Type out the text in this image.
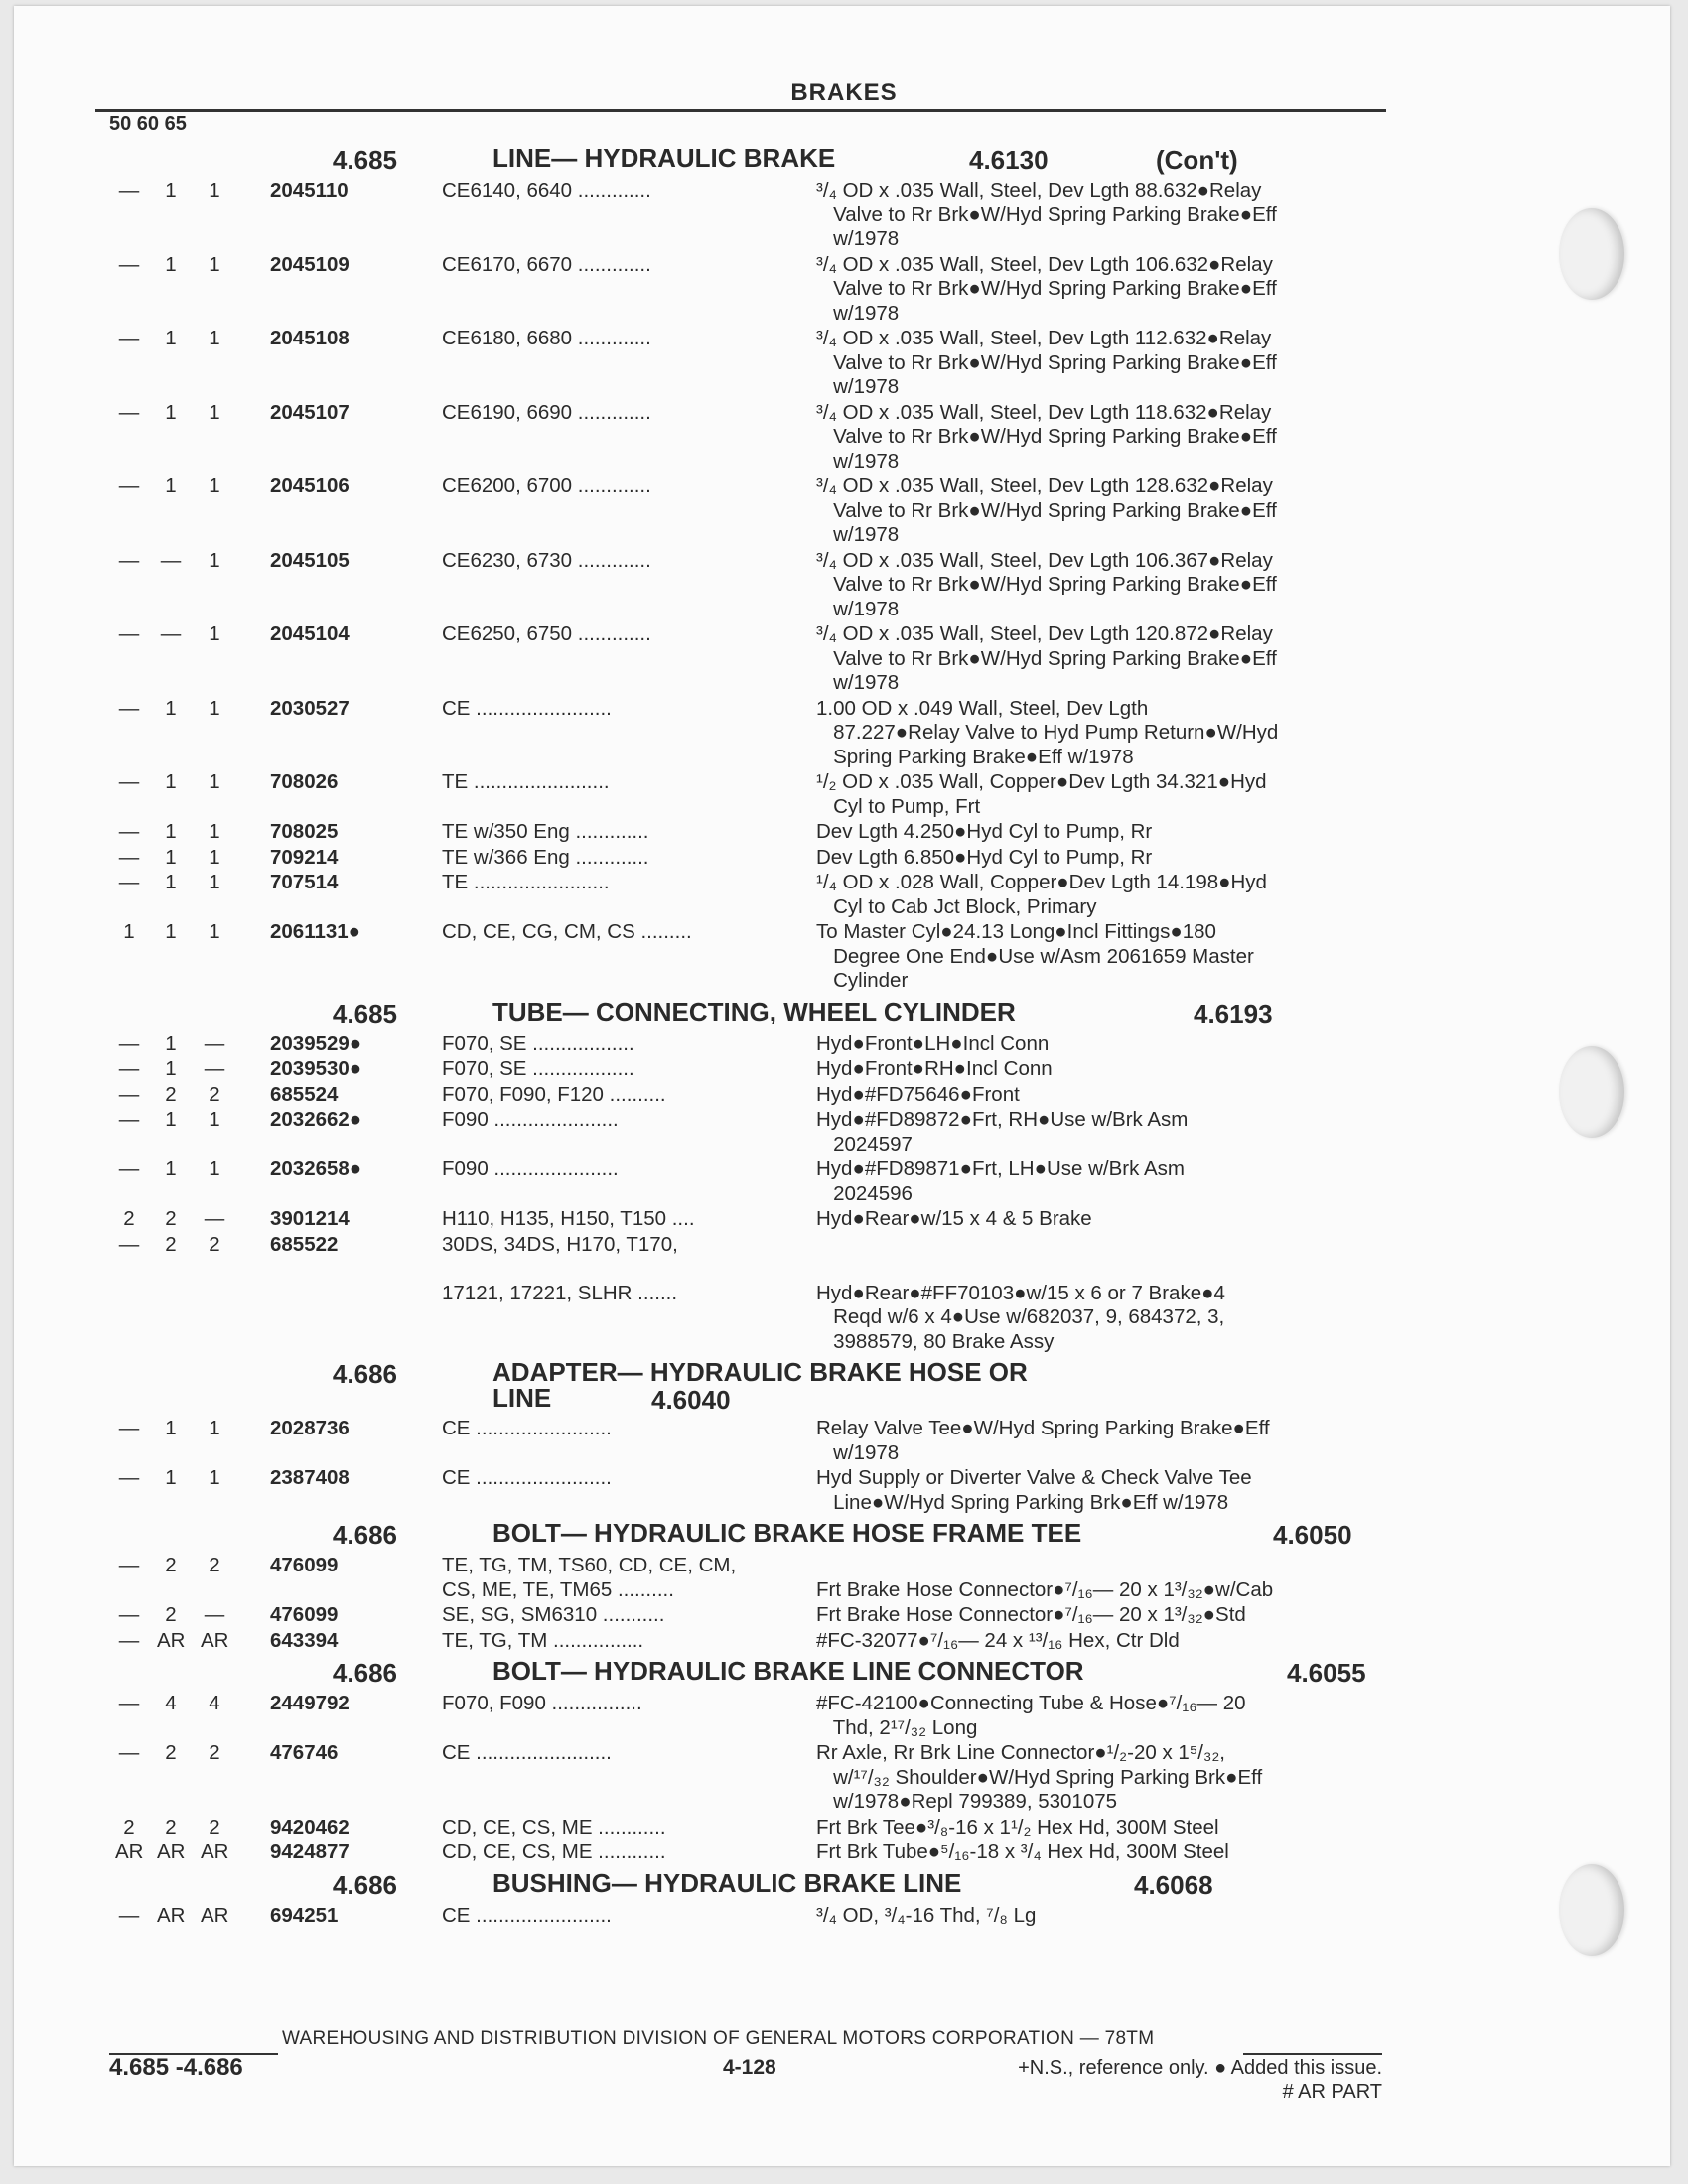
BRAKES
50 60 65
4.685	LINE— HYDRAULIC BRAKE	4.6130	(Con't)
—	1	1	2045110	CE6140, 6640 .............	³/₄ OD x .035 Wall, Steel, Dev Lgth 88.632●Relay
Valve to Rr Brk●W/Hyd Spring Parking Brake●Eff
w/1978
—	1	1	2045109	CE6170, 6670 .............	³/₄ OD x .035 Wall, Steel, Dev Lgth 106.632●Relay
Valve to Rr Brk●W/Hyd Spring Parking Brake●Eff
w/1978
—	1	1	2045108	CE6180, 6680 .............	³/₄ OD x .035 Wall, Steel, Dev Lgth 112.632●Relay
Valve to Rr Brk●W/Hyd Spring Parking Brake●Eff
w/1978
—	1	1	2045107	CE6190, 6690 .............	³/₄ OD x .035 Wall, Steel, Dev Lgth 118.632●Relay
Valve to Rr Brk●W/Hyd Spring Parking Brake●Eff
w/1978
—	1	1	2045106	CE6200, 6700 .............	³/₄ OD x .035 Wall, Steel, Dev Lgth 128.632●Relay
Valve to Rr Brk●W/Hyd Spring Parking Brake●Eff
w/1978
— —	1	2045105	CE6230, 6730 .............	³/₄ OD x .035 Wall, Steel, Dev Lgth 106.367●Relay
Valve to Rr Brk●W/Hyd Spring Parking Brake●Eff
w/1978
— —	1	2045104	CE6250, 6750 .............	³/₄ OD x .035 Wall, Steel, Dev Lgth 120.872●Relay
Valve to Rr Brk●W/Hyd Spring Parking Brake●Eff
w/1978
—	1	1	2030527	CE ........................	1.00 OD x .049 Wall, Steel, Dev Lgth
87.227●Relay Valve to Hyd Pump Return●W/Hyd
Spring Parking Brake●Eff w/1978
—	1	1	708026	TE ........................	¹/₂ OD x .035 Wall, Copper●Dev Lgth 34.321●Hyd
Cyl to Pump, Frt
—	1	1	708025	TE w/350 Eng .............	Dev Lgth 4.250●Hyd Cyl to Pump, Rr
—	1	1	709214	TE w/366 Eng .............	Dev Lgth 6.850●Hyd Cyl to Pump, Rr
—	1	1	707514	TE ........................	¹/₄ OD x .028 Wall, Copper●Dev Lgth 14.198●Hyd
Cyl to Cab Jct Block, Primary
1	1	1	2061131●	CD, CE, CG, CM, CS .........	To Master Cyl●24.13 Long●Incl Fittings●180
Degree One End●Use w/Asm 2061659 Master
Cylinder
4.685	TUBE— CONNECTING, WHEEL CYLINDER	4.6193
—	1	— 2039529●	F070, SE ..................	Hyd●Front●LH●Incl Conn
—	1	— 2039530●	F070, SE ..................	Hyd●Front●RH●Incl Conn
—	2	2	685524	F070, F090, F120 ..........	Hyd●#FD75646●Front
—	1	1	2032662●	F090 ......................	Hyd●#FD89872●Frt, RH●Use w/Brk Asm
2024597
—	1	1	2032658●	F090 ......................	Hyd●#FD89871●Frt, LH●Use w/Brk Asm
2024596
2	2	— 3901214	H110, H135, H150, T150 ....	Hyd●Rear●w/15 x 4 & 5 Brake
—	2	2	685522	30DS, 34DS, H170, T170,
17121, 17221, SLHR .......	Hyd●Rear●#FF70103●w/15 x 6 or 7 Brake●4
Reqd w/6 x 4●Use w/682037, 9, 684372, 3,
3988579, 80 Brake Assy
4.686	ADAPTER— HYDRAULIC BRAKE HOSE OR
LINE	4.6040
—	1	1	2028736	CE ........................	Relay Valve Tee●W/Hyd Spring Parking Brake●Eff
w/1978
—	1	1	2387408	CE ........................	Hyd Supply or Diverter Valve & Check Valve Tee
Line●W/Hyd Spring Parking Brk●Eff w/1978
4.686	BOLT— HYDRAULIC BRAKE HOSE FRAME TEE	4.6050
—	2	2	476099	TE, TG, TM, TS60, CD, CE, CM,
CS, ME, TE, TM65 ..........	Frt Brake Hose Connector●⁷/₁₆— 20 x 1³/₃₂●w/Cab
—	2	— 476099	SE, SG, SM6310 ...........	Frt Brake Hose Connector●⁷/₁₆— 20 x 1³/₃₂●Std
— AR AR 643394	TE, TG, TM ................	#FC-32077●⁷/₁₆— 24 x ¹³/₁₆ Hex, Ctr Dld
4.686	BOLT— HYDRAULIC BRAKE LINE CONNECTOR	4.6055
—	4	4	2449792	F070, F090 ................	#FC-42100●Connecting Tube & Hose●⁷/₁₆— 20
Thd, 2¹⁷/₃₂ Long
—	2	2	476746	CE ........................	Rr Axle, Rr Brk Line Connector●¹/₂-20 x 1⁵/₃₂,
w/¹⁷/₃₂ Shoulder●W/Hyd Spring Parking Brk●Eff
w/1978●Repl 799389, 5301075
2	2	2	9420462	CD, CE, CS, ME ............	Frt Brk Tee●³/₈-16 x 1¹/₂ Hex Hd, 300M Steel
AR AR AR 9424877	CD, CE, CS, ME ............	Frt Brk Tube●⁵/₁₆-18 x ³/₄ Hex Hd, 300M Steel
4.686	BUSHING— HYDRAULIC BRAKE LINE	4.6068
— AR AR 694251	CE ........................	³/₄ OD, ³/₄-16 Thd, ⁷/₈ Lg
WAREHOUSING AND DISTRIBUTION DIVISION OF GENERAL MOTORS CORPORATION — 78TM
4.685 -4.686	4-128	+N.S., reference only. ● Added this issue.
# AR PART
